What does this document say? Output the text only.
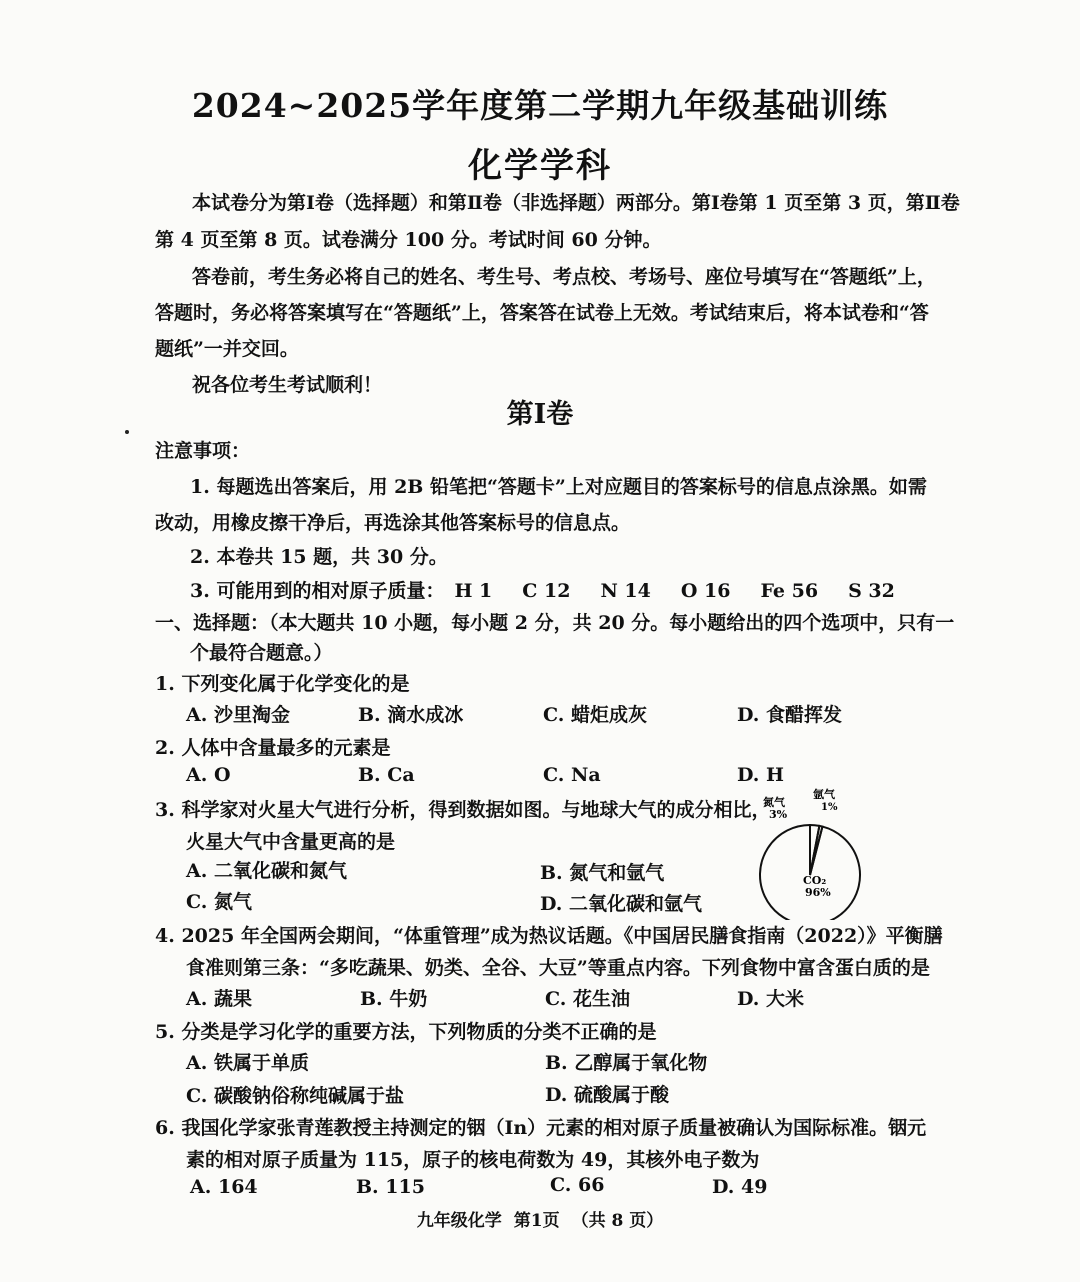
2024~2025学年度第二学期九年级基础训练
化学学科
本试卷分为第Ⅰ卷（选择题）和第Ⅱ卷（非选择题）两部分。第Ⅰ卷第 1 页至第 3 页，第Ⅱ卷
第 4 页至第 8 页。试卷满分 100 分。考试时间 60 分钟。
答卷前，考生务必将自己的姓名、考生号、考点校、考场号、座位号填写在“答题纸”上，
答题时，务必将答案填写在“答题纸”上，答案答在试卷上无效。考试结束后，将本试卷和“答
题纸”一并交回。
祝各位考生考试顺利！
第Ⅰ卷
注意事项：
1. 每题选出答案后，用 2B 铅笔把“答题卡”上对应题目的答案标号的信息点涂黑。如需
改动，用橡皮擦干净后，再选涂其他答案标号的信息点。
2. 本卷共 15 题，共 30 分。
3. 可能用到的相对原子质量： H 1 C 12 N 14 O 16 Fe 56 S 32
一、选择题：（本大题共 10 小题，每小题 2 分，共 20 分。每小题给出的四个选项中，只有一
个最符合题意。）
1. 下列变化属于化学变化的是
A. 沙里淘金	B. 滴水成冰	C. 蜡炬成灰	D. 食醋挥发
2. 人体中含量最多的元素是
A. O	B. Ca	C. Na	D. H
3. 科学家对火星大气进行分析，得到数据如图。与地球大气的成分相比，
火星大气中含量更高的是
A. 二氧化碳和氮气	B. 氮气和氩气
C. 氮气	D. 二氧化碳和氩气
氮气
3%
氩气
1%
CO₂
96%
4. 2025 年全国两会期间，“体重管理”成为热议话题。《中国居民膳食指南（2022）》平衡膳
食准则第三条：“多吃蔬果、奶类、全谷、大豆”等重点内容。下列食物中富含蛋白质的是
A. 蔬果	B. 牛奶	C. 花生油	D. 大米
5. 分类是学习化学的重要方法，下列物质的分类不正确的是
A. 铁属于单质	B. 乙醇属于氧化物
C. 碳酸钠俗称纯碱属于盐	D. 硫酸属于酸
6. 我国化学家张青莲教授主持测定的铟（In）元素的相对原子质量被确认为国际标准。铟元
素的相对原子质量为 115，原子的核电荷数为 49，其核外电子数为
A. 164	B. 115	C. 66	D. 49
九年级化学 第1页 （共 8 页）
